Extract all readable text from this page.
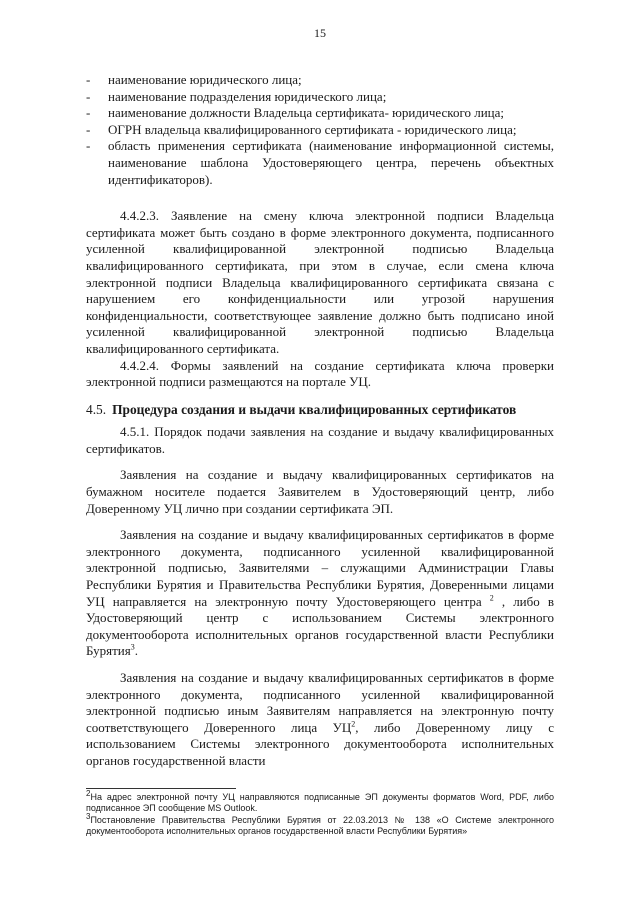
15
- наименование юридического лица;
- наименование подразделения юридического лица;
- наименование должности Владельца сертификата- юридического лица;
- ОГРН владельца квалифицированного сертификата - юридического лица;
- область применения сертификата (наименование информационной системы, наименование шаблона Удостоверяющего центра, перечень объектных идентификаторов).

4.4.2.3. Заявление на смену ключа электронной подписи Владельца сертификата может быть создано в форме электронного документа, подписанного усиленной квалифицированной электронной подписью Владельца квалифицированного сертификата, при этом в случае, если смена ключа электронной подписи Владельца квалифицированного сертификата связана с нарушением его конфиденциальности или угрозой нарушения конфиденциальности, соответствующее заявление должно быть подписано иной усиленной квалифицированной электронной подписью Владельца квалифицированного сертификата.

4.4.2.4. Формы заявлений на создание сертификата ключа проверки электронной подписи размещаются на портале УЦ.

4.5. Процедура создания и выдачи квалифицированных сертификатов

4.5.1. Порядок подачи заявления на создание и выдачу квалифицированных сертификатов.

Заявления на создание и выдачу квалифицированных сертификатов на бумажном носителе подается Заявителем в Удостоверяющий центр, либо Доверенному УЦ лично при создании сертификата ЭП.

Заявления на создание и выдачу квалифицированных сертификатов в форме электронного документа, подписанного усиленной квалифицированной электронной подписью, Заявителями – служащими Администрации Главы Республики Бурятия и Правительства Республики Бурятия, Доверенными лицами УЦ направляется на электронную почту Удостоверяющего центра $^2$ , либо в Удостоверяющий центр с использованием Системы электронного документооборота исполнительных органов государственной власти Республики Бурятия$^3$.

Заявления на создание и выдачу квалифицированных сертификатов в форме электронного документа, подписанного усиленной квалифицированной электронной подписью иным Заявителям направляется на электронную почту соответствующего Доверенного лица $УЦ^2$, либо Доверенному лицу с использованием Системы электронного документооборота исполнительных органов государственной власти

$^2$На адрес электронной почту УЦ направляются подписанные ЭП документы форматов Word, PDF, либо подписанное ЭП сообщение MS Outlook.
$^3$Постановление Правительства Республики Бурятия от 22.03.2013 № 138 «О Системе электронного документооборота исполнительных органов государственной власти Республики Бурятия»
